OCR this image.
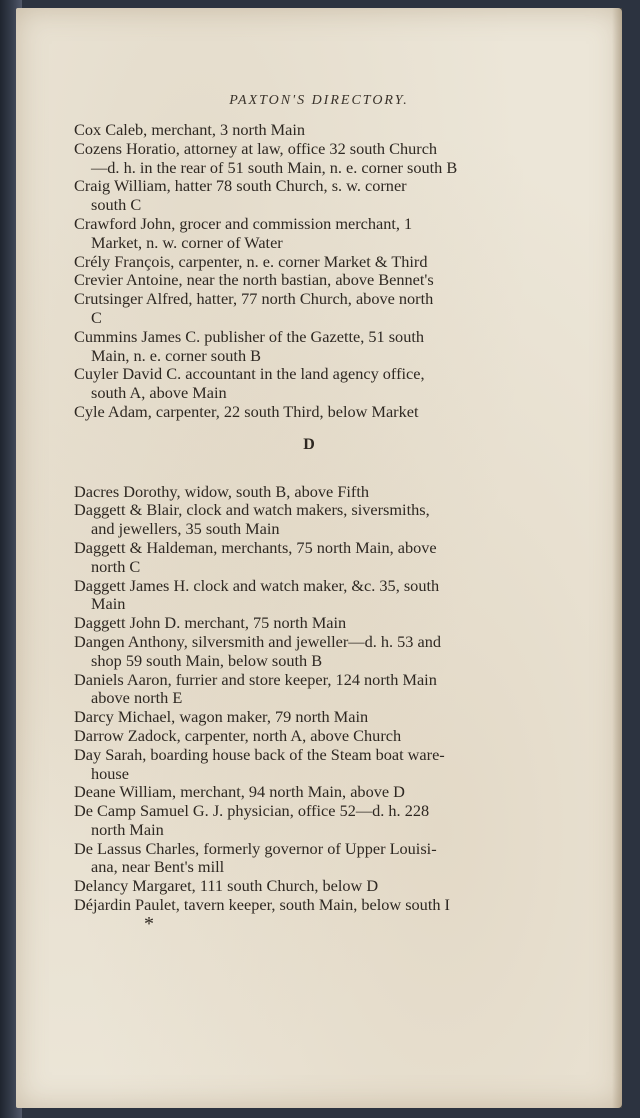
PAXTON'S DIRECTORY.
Cox Caleb, merchant, 3 north Main
Cozens Horatio, attorney at law, office 32 south Church
—d. h. in the rear of 51 south Main, n. e. corner south B
Craig William, hatter 78 south Church, s. w. corner
south C
Crawford John, grocer and commission merchant, 1
Market, n. w. corner of Water
Crély François, carpenter, n. e. corner Market & Third
Crevier Antoine, near the north bastian, above Bennet's
Crutsinger Alfred, hatter, 77 north Church, above north
C
Cummins James C. publisher of the Gazette, 51 south
Main, n. e. corner south B
Cuyler David C. accountant in the land agency office,
south A, above Main
Cyle Adam, carpenter, 22 south Third, below Market
D
Dacres Dorothy, widow, south B, above Fifth
Daggett & Blair, clock and watch makers, siversmiths,
and jewellers, 35 south Main
Daggett & Haldeman, merchants, 75 north Main, above
north C
Daggett James H. clock and watch maker, &c. 35, south
Main
Daggett John D. merchant, 75 north Main
Dangen Anthony, silversmith and jeweller—d. h. 53 and
shop 59 south Main, below south B
Daniels Aaron, furrier and store keeper, 124 north Main
above north E
Darcy Michael, wagon maker, 79 north Main
Darrow Zadock, carpenter, north A, above Church
Day Sarah, boarding house back of the Steam boat ware-
house
Deane William, merchant, 94 north Main, above D
De Camp Samuel G. J. physician, office 52—d. h. 228
north Main
De Lassus Charles, formerly governor of Upper Louisi-
ana, near Bent's mill
Delancy Margaret, 111 south Church, below D
Déjardin Paulet, tavern keeper, south Main, below south I
*
